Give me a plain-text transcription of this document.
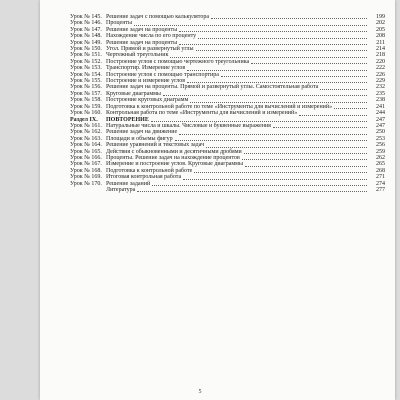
Урок № 145. Решение задач с помощью калькулятора	199
Урок № 146. Проценты	202
Урок № 147. Решение задач на проценты	205
Урок № 148. Нахождение числа по его проценту	208
Урок № 149. Решение задач на проценты	211
Урок № 150. Угол. Прямой и развернутый углы	214
Урок № 151. Чертежный треугольник	218
Урок № 152. Построение углов с помощью чертежного треугольника	220
Урок № 153. Транспортир. Измерение углов	222
Урок № 154. Построение углов с помощью транспортира	226
Урок № 155. Построение и измерение углов	229
Урок № 156. Решение задач на проценты. Прямой и развернутый углы. Самостоятельная работа	232
Урок № 157. Круговые диаграммы	235
Урок № 158. Построение круговых диаграмм	238
Урок № 159. Подготовка к контрольной работе по теме «Инструменты для вычислений и измерений»	241
Урок № 160. Контрольная работа по теме «Инструменты для вычислений и измерений»	244
Раздел IX.	ПОВТОРЕНИЕ	247
Урок № 161. Натуральные числа и шкалы. Числовые и буквенные выражения	247
Урок № 162. Решение задач на движение	250
Урок № 163. Площади и объемы фигур	253
Урок № 164. Решение уравнений и текстовых задач	256
Урок № 165. Действия с обыкновенными и десятичными дробями	259
Урок № 166. Проценты. Решение задач на нахождение процентов	262
Урок № 167. Измерение и построение углов. Круговые диаграммы	265
Урок № 168. Подготовка к контрольной работе	268
Урок № 169. Итоговая контрольная работа	271
Урок № 170. Решение заданий	274
Литература	277
5
